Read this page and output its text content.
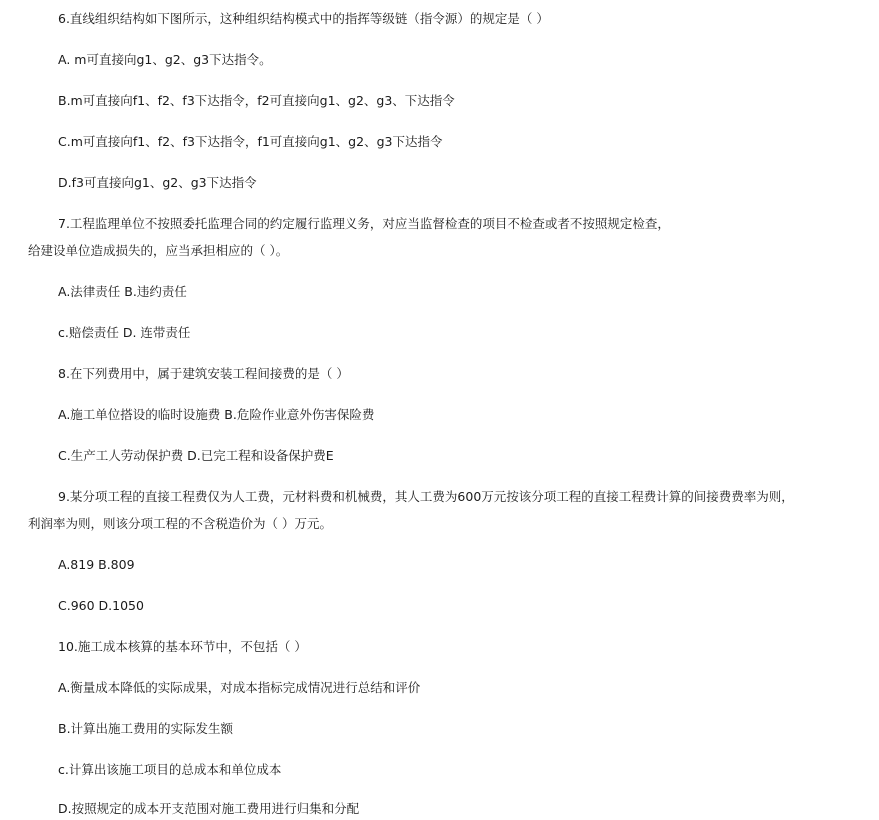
6.直线组织结构如下图所示，这种组织结构模式中的指挥等级链（指令源）的规定是（ ）

A. m可直接向g1、g2、g3下达指令。

B.m可直接向f1、f2、f3下达指令，f2可直接向g1、g2、g3、下达指令

C.m可直接向f1、f2、f3下达指令，f1可直接向g1、g2、g3下达指令

D.f3可直接向g1、g2、g3下达指令

7.工程监理单位不按照委托监理合同的约定履行监理义务，对应当监督检查的项目不检查或者不按照规定检查，

给建设单位造成损失的，应当承担相应的（ ）。

A.法律责任 B.违约责任

c.赔偿责任 D. 连带责任

8.在下列费用中，属于建筑安装工程间接费的是（ ）

A.施工单位搭设的临时设施费 B.危险作业意外伤害保险费

C.生产工人劳动保护费 D.已完工程和设备保护费E

9.某分项工程的直接工程费仅为人工费，元材料费和机械费，其人工费为600万元按该分项工程的直接工程费计算的间接费费率为则，

利润率为则，则该分项工程的不含税造价为（ ）万元。

A.819 B.809

C.960 D.1050

10.施工成本核算的基本环节中，不包括（ ）

A.衡量成本降低的实际成果，对成本指标完成情况进行总结和评价

B.计算出施工费用的实际发生额

c.计算出该施工项目的总成本和单位成本

D.按照规定的成本开支范围对施工费用进行归集和分配
